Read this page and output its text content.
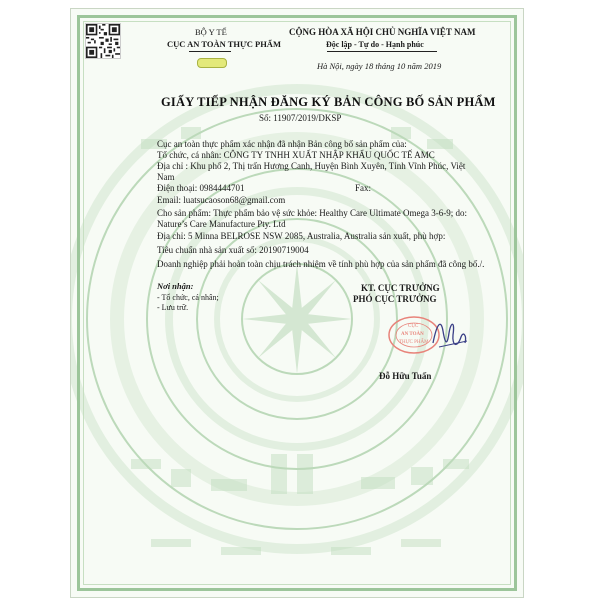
BỘ Y TẾ
CỤC AN TOÀN THỰC PHẨM
CỘNG HÒA XÃ HỘI CHỦ NGHĨA VIỆT NAM
Độc lập - Tự do - Hạnh phúc
Hà Nội, ngày 18 tháng 10 năm 2019
GIẤY TIẾP NHẬN ĐĂNG KÝ BẢN CÔNG BỐ SẢN PHẨM
Số: 11907/2019/DKSP
Cục an toàn thực phẩm xác nhận đã nhận Bản công bố sản phẩm của:
Tổ chức, cá nhân: CÔNG TY TNHH XUẤT NHẬP KHẨU QUỐC TẾ AMC
Địa chỉ : Khu phố 2, Thị trấn Hương Canh, Huyện Bình Xuyên, Tỉnh Vĩnh Phúc, Việt
Nam
Điện thoại: 0984444701	Fax:
Email: luatsucaoson68@gmail.com
Cho sản phẩm: Thực phẩm bảo vệ sức khỏe: Healthy Care Ultimate Omega 3-6-9; do:
Nature’s Care Manufacture Pty. Ltd
Địa chỉ: 5 Minna BELROSE NSW 2085, Australia, Australia sản xuất, phù hợp:
Tiêu chuẩn nhà sản xuất số: 20190719004
Doanh nghiệp phải hoàn toàn chịu trách nhiệm về tính phù hợp của sản phẩm đã công bố./.
Nơi nhận:
- Tổ chức, cá nhân;
- Lưu trữ.
KT. CỤC TRƯỞNG
PHÓ CỤC TRƯỞNG
CỤC
AN TOÀN
THỰC PHẨM
Đỗ Hữu Tuấn
